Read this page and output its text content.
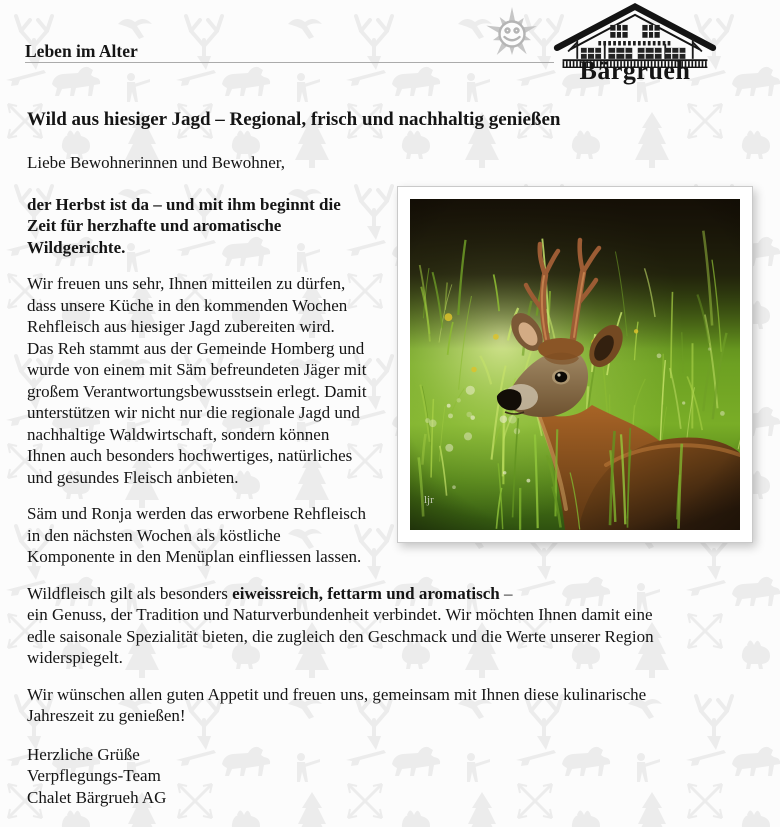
Leben im Alter
Bärgrueh
Wild aus hiesiger Jagd – Regional, frisch und nachhaltig genießen
Liebe Bewohnerinnen und Bewohner,
ljr
der Herbst ist da – und mit ihm beginnt die
Zeit für herzhafte und aromatische
Wildgerichte.
Wir freuen uns sehr, Ihnen mitteilen zu dürfen,
dass unsere Küche in den kommenden Wochen
Rehfleisch aus hiesiger Jagd zubereiten wird.
Das Reh stammt aus der Gemeinde Homberg und
wurde von einem mit Säm befreundeten Jäger mit
großem Verantwortungsbewusstsein erlegt. Damit
unterstützen wir nicht nur die regionale Jagd und
nachhaltige Waldwirtschaft, sondern können
Ihnen auch besonders hochwertiges, natürliches
und gesundes Fleisch anbieten.
Säm und Ronja werden das erworbene Rehfleisch
in den nächsten Wochen als köstliche
Komponente in den Menüplan einfliessen lassen.
Wildfleisch gilt als besonders eiweissreich, fettarm und aromatisch –
ein Genuss, der Tradition und Naturverbundenheit verbindet. Wir möchten Ihnen damit eine
edle saisonale Spezialität bieten, die zugleich den Geschmack und die Werte unserer Region
widerspiegelt.
Wir wünschen allen guten Appetit und freuen uns, gemeinsam mit Ihnen diese kulinarische
Jahreszeit zu genießen!
Herzliche Grüße
Verpflegungs-Team
Chalet Bärgrueh AG
